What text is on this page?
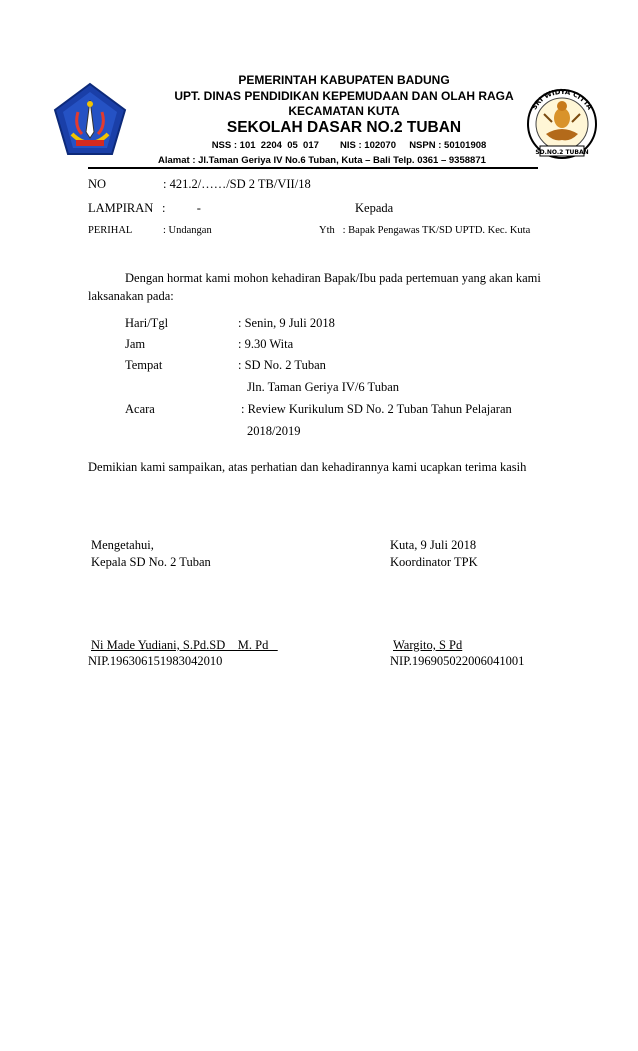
PEMERINTAH KABUPATEN BADUNG
UPT. DINAS PENDIDIKAN KEPEMUDAAN DAN OLAH RAGA
KECAMATAN KUTA
SEKOLAH DASAR NO.2 TUBAN
NSS : 101  2204  05  017        NIS : 102070     NSPN : 50101908
Alamat : Jl.Taman Geriya IV No.6 Tuban, Kuta – Bali Telp. 0361 – 9358871
SRI WIDYA CITTA
SD.NO.2 TUBAN
NO	: 421.2/……/SD 2 TB/VII/18
LAMPIRAN :          -	Kepada
PERIHAL	: Undangan	Yth   : Bapak Pengawas TK/SD UPTD. Kec. Kuta
Dengan hormat kami mohon kehadiran Bapak/Ibu pada pertemuan yang akan kami
laksanakan pada:
Hari/Tgl	: Senin, 9 Juli 2018
Jam	: 9.30 Wita
Tempat	: SD No. 2 Tuban
Jln. Taman Geriya IV/6 Tuban
Acara	: Review Kurikulum SD No. 2 Tuban Tahun Pelajaran
2018/2019
Demikian kami sampaikan, atas perhatian dan kehadirannya kami ucapkan terima kasih
Mengetahui,
Kepala SD No. 2 Tuban
Kuta, 9 Juli 2018
Koordinator TPK
Ni Made Yudiani, S.Pd.SD    M. Pd
NIP.196306151983042010
Wargito, S Pd
NIP.196905022006041001
